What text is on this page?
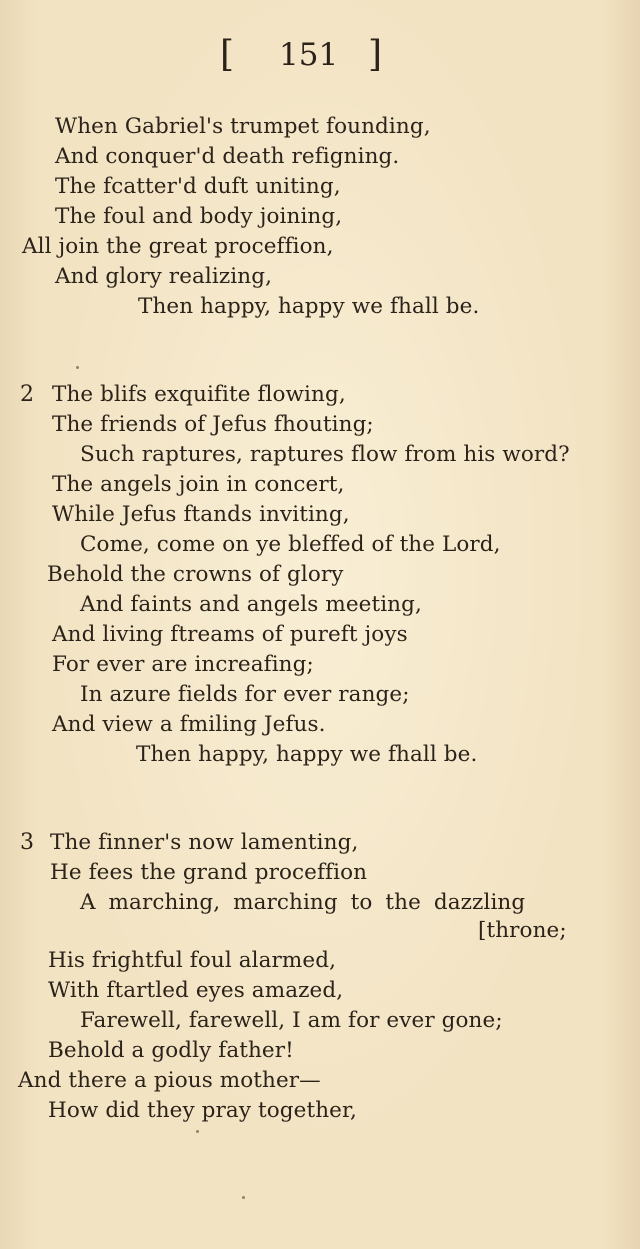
[ 151 ]
When Gabriel's trumpet founding,
And conquer'd death refigning.
The fcatter'd duft uniting,
The foul and body joining,
All join the great proceffion,
And glory realizing,
Then happy, happy we fhall be.
2 The blifs exquifite flowing,
The friends of Jefus fhouting;
Such raptures, raptures flow from his word?
The angels join in concert,
While Jefus ftands inviting,
Come, come on ye bleffed of the Lord,
Behold the crowns of glory
And faints and angels meeting,
And living ftreams of pureft joys
For ever are increafing;
In azure fields for ever range;
And view a fmiling Jefus.
Then happy, happy we fhall be.
3 The finner's now lamenting,
He fees the grand proceffion
A marching, marching to the dazzling
[throne;
His frightful foul alarmed,
With ftartled eyes amazed,
Farewell, farewell, I am for ever gone;
Behold a godly father!
And there a pious mother—
How did they pray together,
